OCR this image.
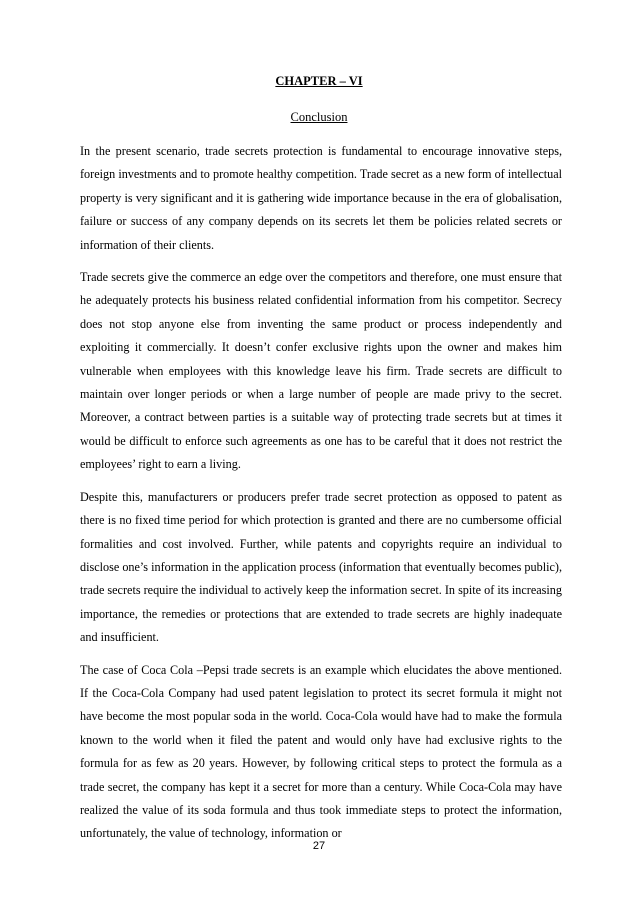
CHAPTER – VI
Conclusion

In the present scenario, trade secrets protection is fundamental to encourage innovative steps, foreign investments and to promote healthy competition. Trade secret as a new form of intellectual property is very significant and it is gathering wide importance because in the era of globalisation, failure or success of any company depends on its secrets let them be policies related secrets or information of their clients.

Trade secrets give the commerce an edge over the competitors and therefore, one must ensure that he adequately protects his business related confidential information from his competitor. Secrecy does not stop anyone else from inventing the same product or process independently and exploiting it commercially. It doesn’t confer exclusive rights upon the owner and makes him vulnerable when employees with this knowledge leave his firm. Trade secrets are difficult to maintain over longer periods or when a large number of people are made privy to the secret. Moreover, a contract between parties is a suitable way of protecting trade secrets but at times it would be difficult to enforce such agreements as one has to be careful that it does not restrict the employees’ right to earn a living.

Despite this, manufacturers or producers prefer trade secret protection as opposed to patent as there is no fixed time period for which protection is granted and there are no cumbersome official formalities and cost involved. Further, while patents and copyrights require an individual to disclose one’s information in the application process (information that eventually becomes public), trade secrets require the individual to actively keep the information secret. In spite of its increasing importance, the remedies or protections that are extended to trade secrets are highly inadequate and insufficient.

The case of Coca Cola –Pepsi trade secrets is an example which elucidates the above mentioned. If the Coca-Cola Company had used patent legislation to protect its secret formula it might not have become the most popular soda in the world. Coca-Cola would have had to make the formula known to the world when it filed the patent and would only have had exclusive rights to the formula for as few as 20 years. However, by following critical steps to protect the formula as a trade secret, the company has kept it a secret for more than a century. While Coca-Cola may have realized the value of its soda formula and thus took immediate steps to protect the information, unfortunately, the value of technology, information or

27
